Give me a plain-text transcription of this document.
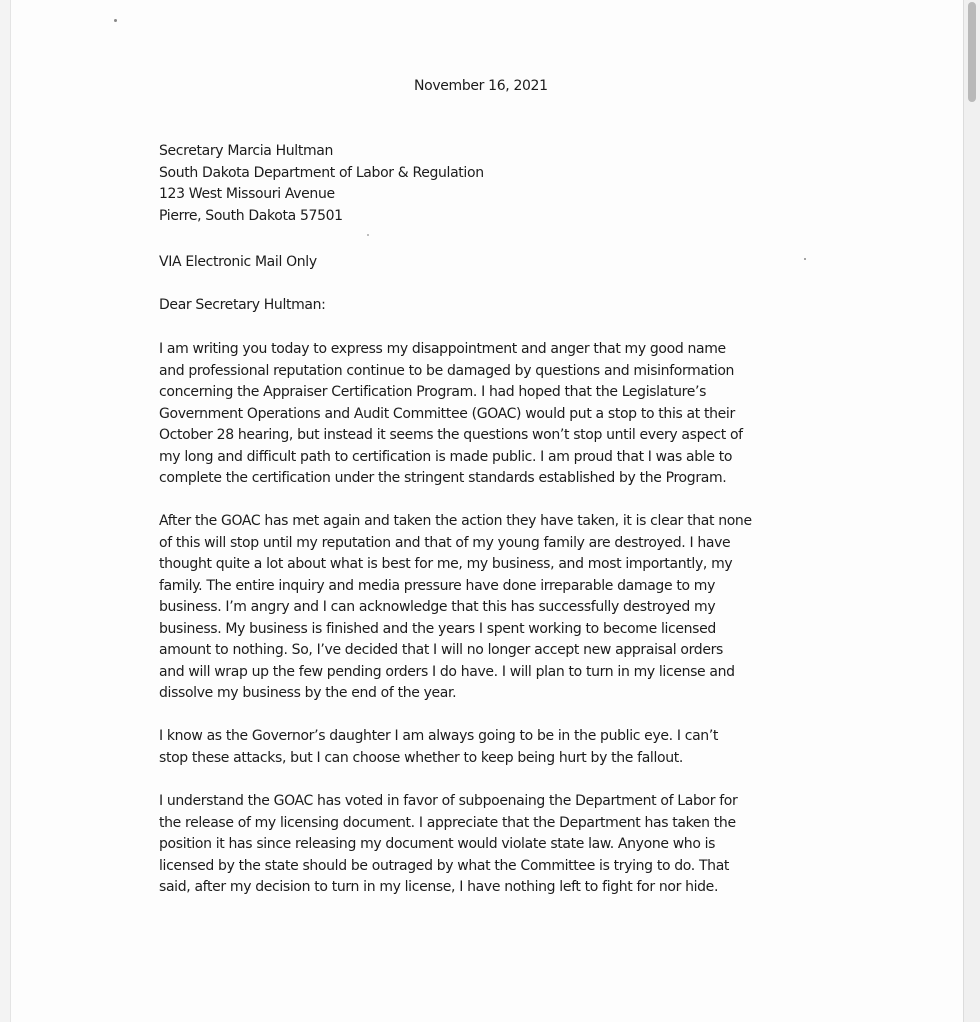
November 16, 2021
Secretary Marcia Hultman
South Dakota Department of Labor & Regulation
123 West Missouri Avenue
Pierre, South Dakota 57501
VIA Electronic Mail Only
Dear Secretary Hultman:
I am writing you today to express my disappointment and anger that my good name
and professional reputation continue to be damaged by questions and misinformation
concerning the Appraiser Certification Program. I had hoped that the Legislature’s
Government Operations and Audit Committee (GOAC) would put a stop to this at their
October 28 hearing, but instead it seems the questions won’t stop until every aspect of
my long and difficult path to certification is made public. I am proud that I was able to
complete the certification under the stringent standards established by the Program.
After the GOAC has met again and taken the action they have taken, it is clear that none
of this will stop until my reputation and that of my young family are destroyed. I have
thought quite a lot about what is best for me, my business, and most importantly, my
family. The entire inquiry and media pressure have done irreparable damage to my
business. I’m angry and I can acknowledge that this has successfully destroyed my
business. My business is finished and the years I spent working to become licensed
amount to nothing. So, I’ve decided that I will no longer accept new appraisal orders
and will wrap up the few pending orders I do have. I will plan to turn in my license and
dissolve my business by the end of the year.
I know as the Governor’s daughter I am always going to be in the public eye. I can’t
stop these attacks, but I can choose whether to keep being hurt by the fallout.
I understand the GOAC has voted in favor of subpoenaing the Department of Labor for
the release of my licensing document. I appreciate that the Department has taken the
position it has since releasing my document would violate state law. Anyone who is
licensed by the state should be outraged by what the Committee is trying to do. That
said, after my decision to turn in my license, I have nothing left to fight for nor hide.
